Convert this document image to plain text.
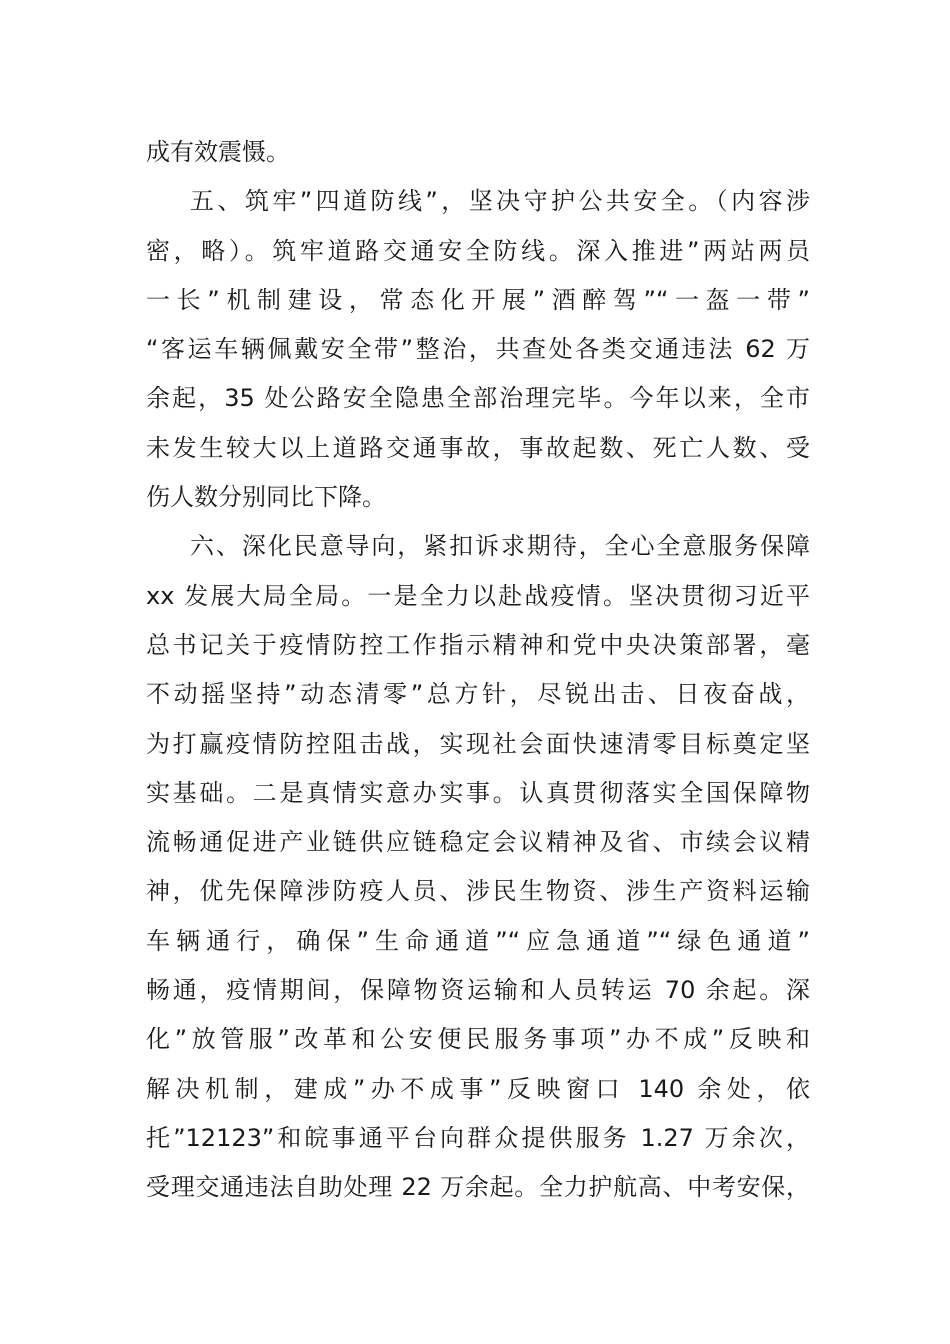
成有效震慑。
五、筑牢”四道防线”，坚决守护公共安全。（内容涉
密，略）。筑牢道路交通安全防线。深入推进”两站两员
一长”机制建设，常态化开展”酒醉驾”“一盔一带”
“客运车辆佩戴安全带”整治，共查处各类交通违法 62 万
余起，35 处公路安全隐患全部治理完毕。今年以来，全市
未发生较大以上道路交通事故，事故起数、死亡人数、受
伤人数分别同比下降。
六、深化民意导向，紧扣诉求期待，全心全意服务保障
xx 发展大局全局。一是全力以赴战疫情。坚决贯彻习近平
总书记关于疫情防控工作指示精神和党中央决策部署，毫
不动摇坚持”动态清零”总方针，尽锐出击、日夜奋战，
为打赢疫情防控阻击战，实现社会面快速清零目标奠定坚
实基础。二是真情实意办实事。认真贯彻落实全国保障物
流畅通促进产业链供应链稳定会议精神及省、市续会议精
神，优先保障涉防疫人员、涉民生物资、涉生产资料运输
车辆通行，确保”生命通道”“应急通道”“绿色通道”
畅通，疫情期间，保障物资运输和人员转运 70 余起。深
化”放管服”改革和公安便民服务事项”办不成”反映和
解决机制，建成”办不成事”反映窗口 140 余处，依
托”12123”和皖事通平台向群众提供服务 1.27 万余次，
受理交通违法自助处理 22 万余起。全力护航高、中考安保，
